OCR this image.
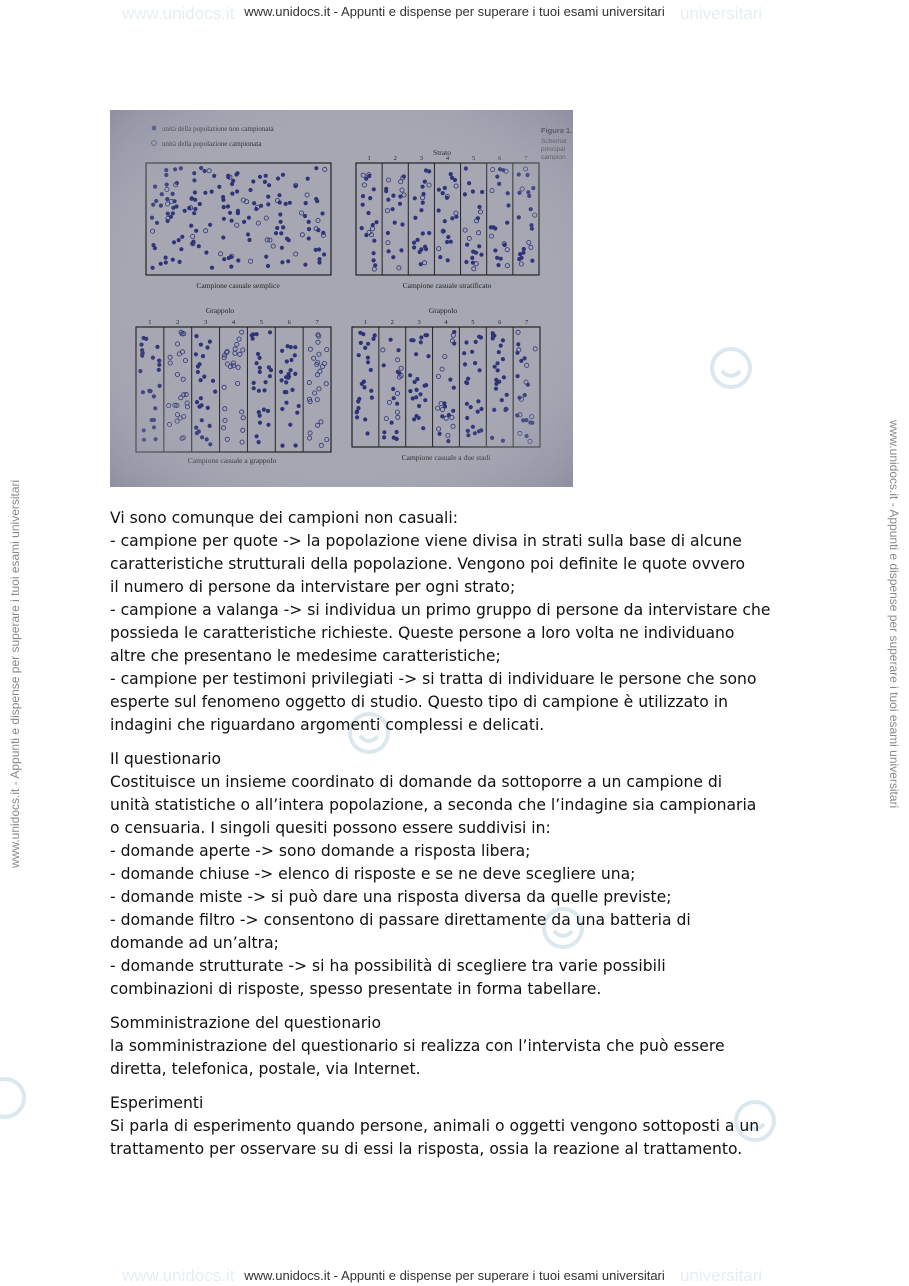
www.unidocs.it	universitari
www.unidocs.it	universitari
www.unidocs.it - Appunti e dispense per superare i tuoi esami universitari
www.unidocs.it - Appunti e dispense per superare i tuoi esami universitari
www.unidocs.it - Appunti e dispense per superare i tuoi esami universitari	www.unidocs.it - Appunti e dispense per superare i tuoi esami universitari

Vi sono comunque dei campioni non casuali:
- campione per quote -> la popolazione viene divisa in strati sulla base di alcune
caratteristiche strutturali della popolazione. Vengono poi definite le quote ovvero
il numero di persone da intervistare per ogni strato;
- campione a valanga -> si individua un primo gruppo di persone da intervistare che
possieda le caratteristiche richieste. Queste persone a loro volta ne individuano
altre che presentano le medesime caratteristiche;
- campione per testimoni privilegiati -> si tratta di individuare le persone che sono
esperte sul fenomeno oggetto di studio. Questo tipo di campione è utilizzato in
indagini che riguardano argomenti complessi e delicati.

Il questionario
Costituisce un insieme coordinato di domande da sottoporre a un campione di
unità statistiche o all’intera popolazione, a seconda che l’indagine sia campionaria
o censuaria. I singoli quesiti possono essere suddivisi in:
- domande aperte -> sono domande a risposta libera;
- domande chiuse -> elenco di risposte e se ne deve scegliere una;
- domande miste -> si può dare una risposta diversa da quelle previste;
- domande filtro -> consentono di passare direttamente da una batteria di
domande ad un’altra;
- domande strutturate -> si ha possibilità di scegliere tra varie possibili
combinazioni di risposte, spesso presentate in forma tabellare.

Somministrazione del questionario
la somministrazione del questionario si realizza con l’intervista che può essere
diretta, telefonica, postale, via Internet.

Esperimenti
Si parla di esperimento quando persone, animali o oggetti vengono sottoposti a un
trattamento per osservare su di essi la risposta, ossia la reazione al trattamento.
